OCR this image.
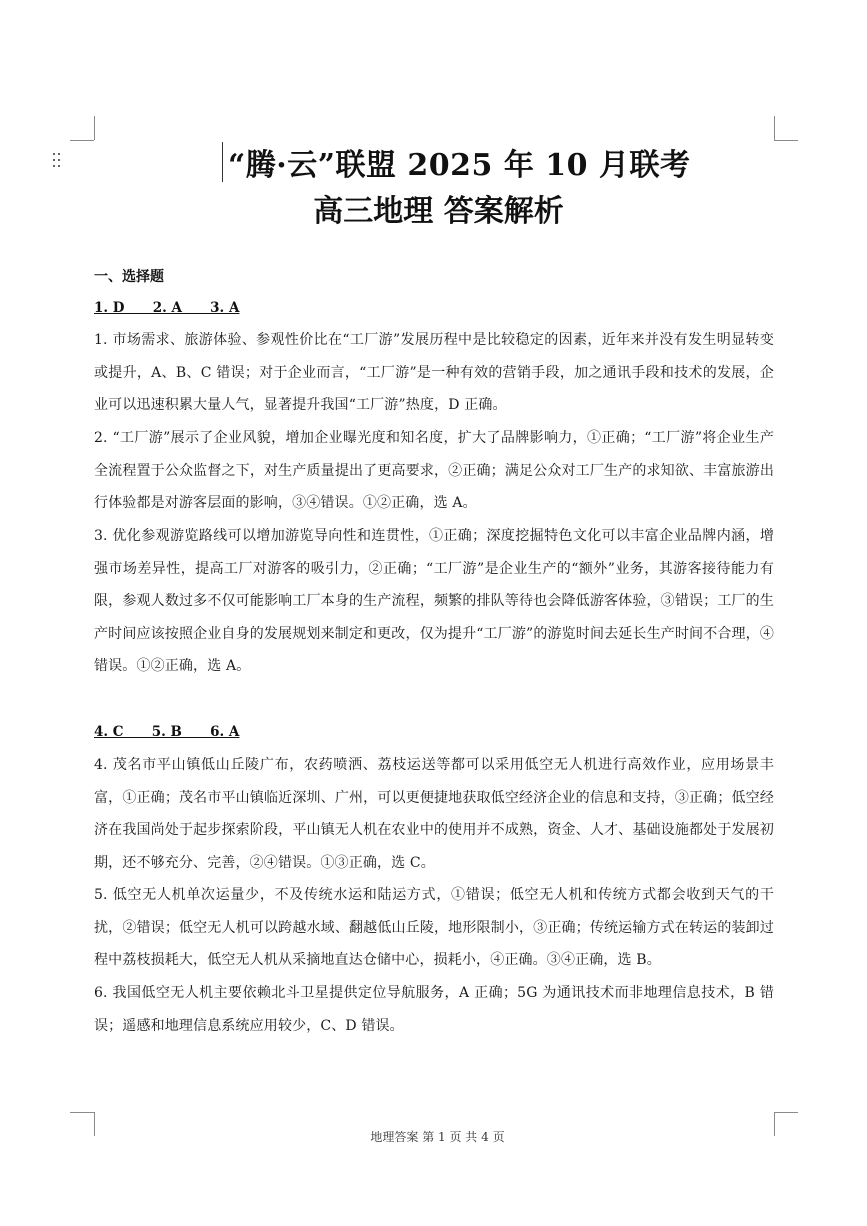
“腾·云”联盟 2025 年 10 月联考
高三地理 答案解析
一、选择题
1. D      2. A      3. A
1. 市场需求、旅游体验、参观性价比在“工厂游”发展历程中是比较稳定的因素，近年来并没有发生明显转变或提升，A、B、C 错误；对于企业而言，“工厂游”是一种有效的营销手段，加之通讯手段和技术的发展，企业可以迅速积累大量人气，显著提升我国“工厂游”热度，D 正确。
2. “工厂游”展示了企业风貌，增加企业曝光度和知名度，扩大了品牌影响力，①正确；“工厂游”将企业生产全流程置于公众监督之下，对生产质量提出了更高要求，②正确；满足公众对工厂生产的求知欲、丰富旅游出行体验都是对游客层面的影响，③④错误。①②正确，选 A。
3. 优化参观游览路线可以增加游览导向性和连贯性，①正确；深度挖掘特色文化可以丰富企业品牌内涵，增强市场差异性，提高工厂对游客的吸引力，②正确；“工厂游”是企业生产的“额外”业务，其游客接待能力有限，参观人数过多不仅可能影响工厂本身的生产流程，频繁的排队等待也会降低游客体验，③错误；工厂的生产时间应该按照企业自身的发展规划来制定和更改，仅为提升“工厂游”的游览时间去延长生产时间不合理，④错误。①②正确，选 A。
4. C      5. B      6. A
4. 茂名市平山镇低山丘陵广布，农药喷洒、荔枝运送等都可以采用低空无人机进行高效作业，应用场景丰富，①正确；茂名市平山镇临近深圳、广州，可以更便捷地获取低空经济企业的信息和支持，③正确；低空经济在我国尚处于起步探索阶段，平山镇无人机在农业中的使用并不成熟，资金、人才、基础设施都处于发展初期，还不够充分、完善，②④错误。①③正确，选 C。
5. 低空无人机单次运量少，不及传统水运和陆运方式，①错误；低空无人机和传统方式都会收到天气的干扰，②错误；低空无人机可以跨越水域、翻越低山丘陵，地形限制小，③正确；传统运输方式在转运的装卸过程中荔枝损耗大，低空无人机从采摘地直达仓储中心，损耗小，④正确。③④正确，选 B。
6. 我国低空无人机主要依赖北斗卫星提供定位导航服务，A 正确；5G 为通讯技术而非地理信息技术，B 错误；遥感和地理信息系统应用较少，C、D 错误。
地理答案 第 1 页 共 4 页
